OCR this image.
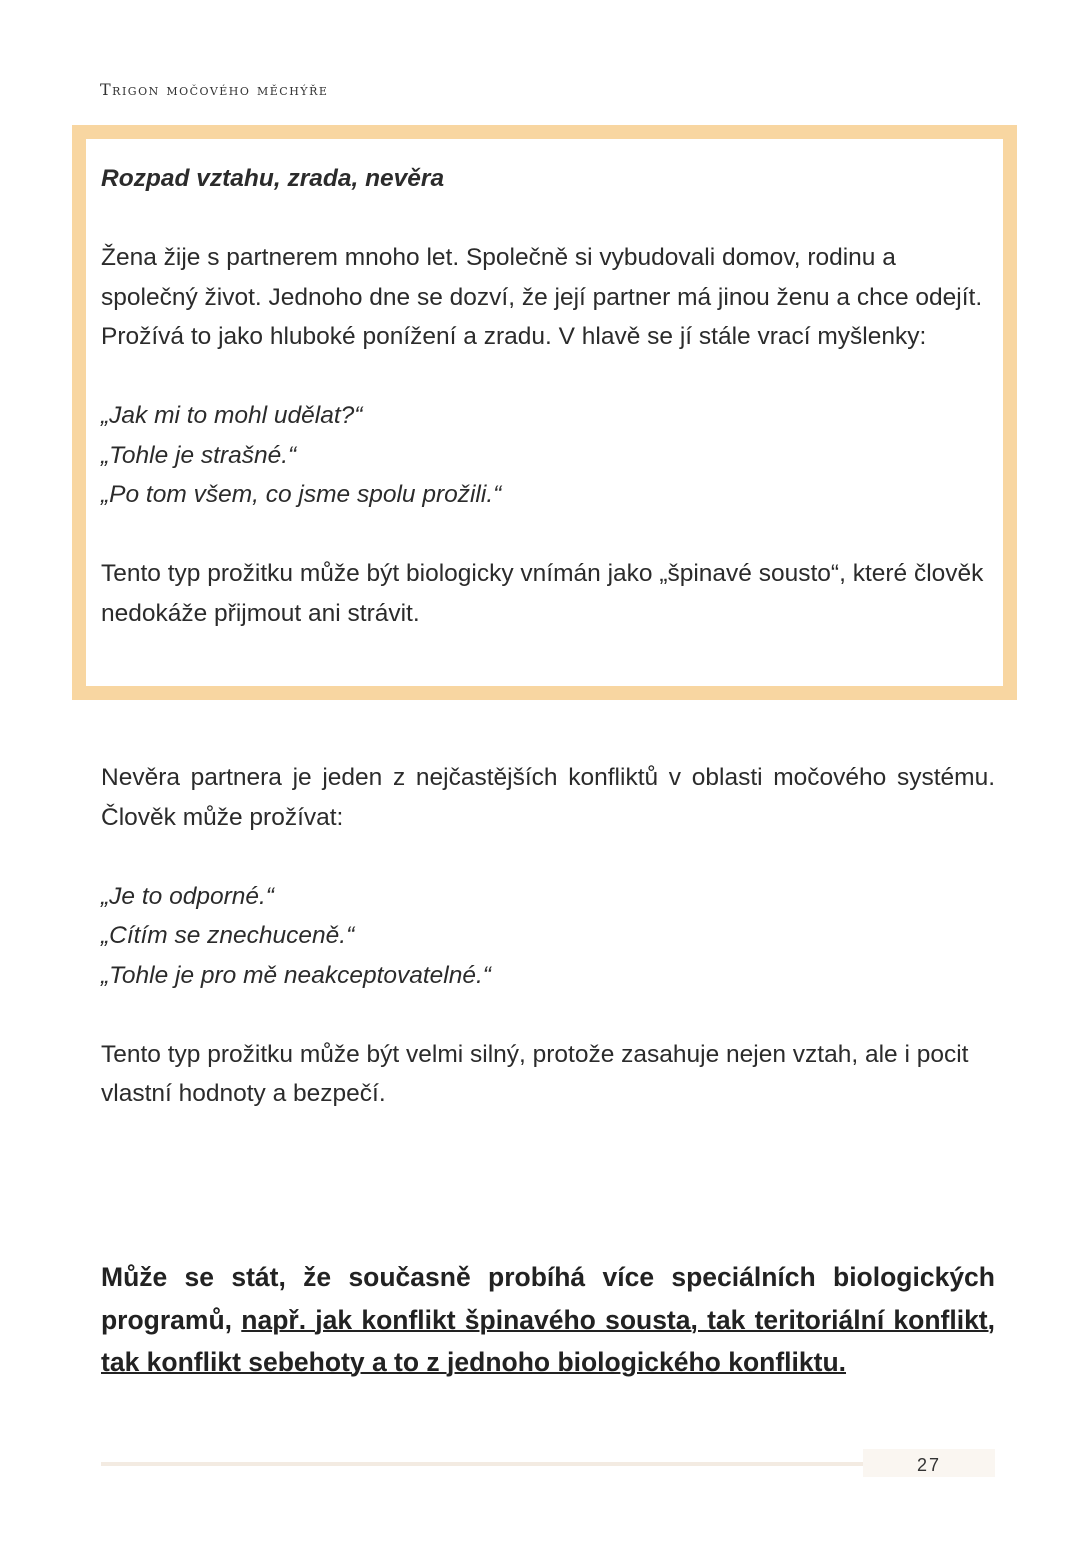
Trigon močového měchýře

Rozpad vztahu, zrada, nevěra

Žena žije s partnerem mnoho let. Společně si vybudovali domov, rodinu a společný život. Jednoho dne se dozví, že její partner má jinou ženu a chce odejít. Prožívá to jako hluboké ponížení a zradu. V hlavě se jí stále vrací myšlenky:

„Jak mi to mohl udělat?“

„Tohle je strašné.“

„Po tom všem, co jsme spolu prožili.“

Tento typ prožitku může být biologicky vnímán jako „špinavé sousto“, které člověk nedokáže přijmout ani strávit.

Nevěra partnera je jeden z nejčastějších konfliktů v oblasti močového systému. Člověk může prožívat:

„Je to odporné.“

„Cítím se znechuceně.“

„Tohle je pro mě neakceptovatelné.“

Tento typ prožitku může být velmi silný, protože zasahuje nejen vztah, ale i pocit vlastní hodnoty a bezpečí.

Může se stát, že současně probíhá více speciálních biologických programů, např. jak konflikt špinavého sousta, tak teritoriální konflikt, tak konflikt sebehoty a to z jednoho biologického konfliktu.
27
